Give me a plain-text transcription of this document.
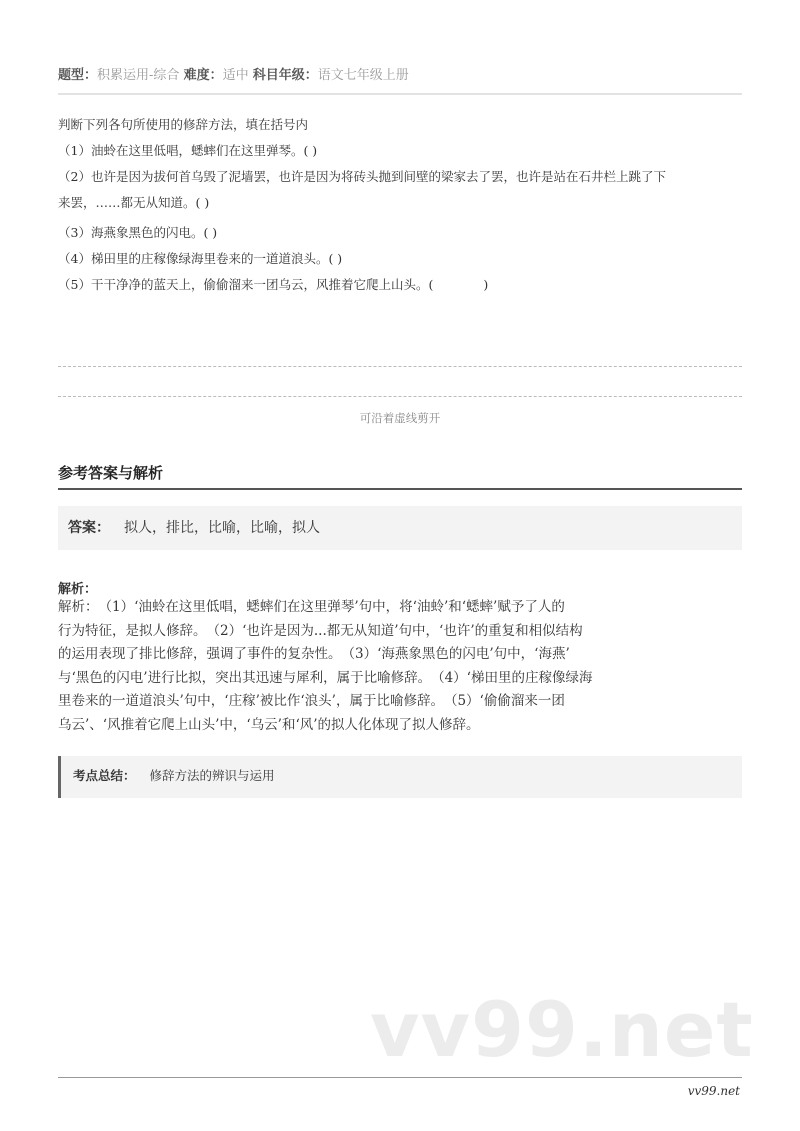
题型：积累运用-综合 难度：适中 科目年级：语文七年级上册
判断下列各句所使用的修辞方法，填在括号内
（1）油蛉在这里低唱，蟋蟀们在这里弹琴。( )
（2）也许是因为拔何首乌毁了泥墙罢，也许是因为将砖头抛到间壁的梁家去了罢，也许是站在石井栏上跳了下
来罢，……都无从知道。( )
（3）海燕象黑色的闪电。( )
（4）梯田里的庄稼像绿海里卷来的一道道浪头。( )
（5）干干净净的蓝天上，偷偷溜来一团乌云，风推着它爬上山头。(　　　　)
可沿着虚线剪开
参考答案与解析
答案： 拟人，排比，比喻，比喻，拟人
解析：
解析：　（1）‘油蛉在这里低唱，蟋蟀们在这里弹琴’句中，将‘油蛉’和‘蟋蟀’赋予了人的
行为特征，是拟人修辞。　（2）‘也许是因为...都无从知道’句中，‘也许’的重复和相似结构
的运用表现了排比修辞，强调了事件的复杂性。　（3）‘海燕象黑色的闪电’句中，‘海燕’
与‘黑色的闪电’进行比拟，突出其迅速与犀利，属于比喻修辞。　（4）‘梯田里的庄稼像绿海
里卷来的一道道浪头’句中，‘庄稼’被比作‘浪头’，属于比喻修辞。　（5）‘偷偷溜来一团
乌云’、‘风推着它爬上山头’中，‘乌云’和‘风’的拟人化体现了拟人修辞。
考点总结： 修辞方法的辨识与运用
vv99.net
vv99.net
